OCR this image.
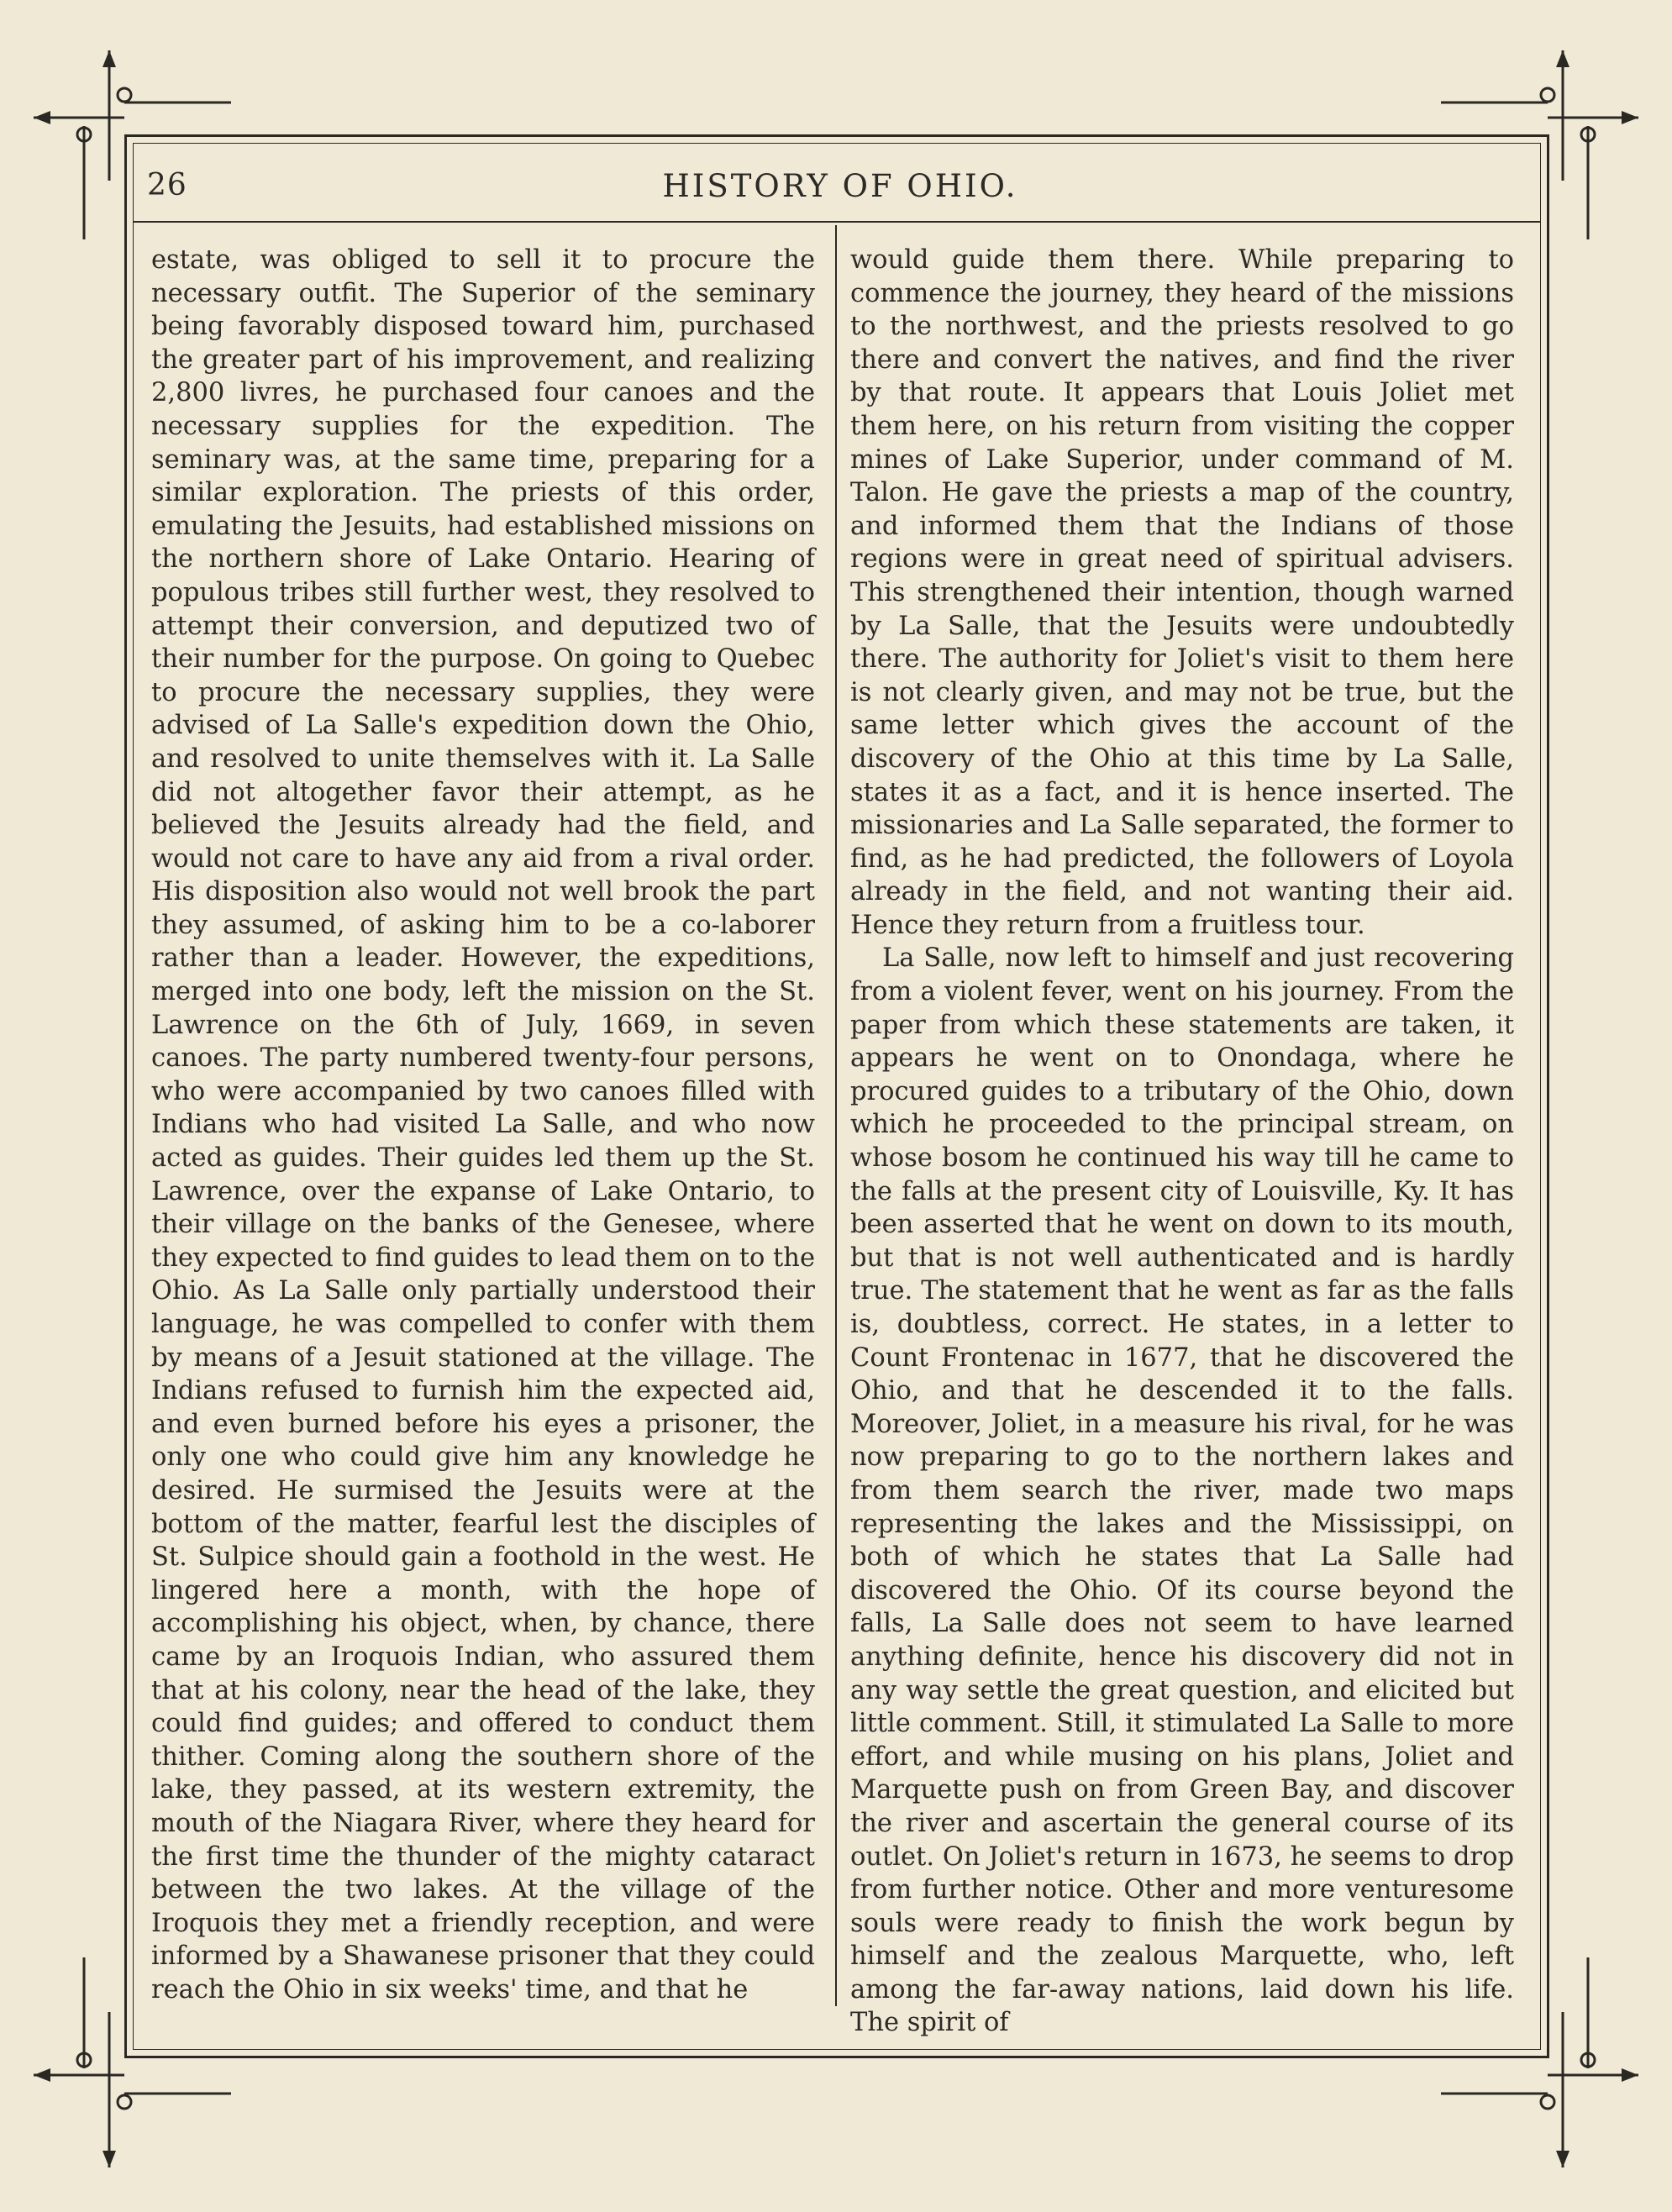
26	HISTORY OF OHIO.

estate, was obliged to sell it to procure the necessary outfit. The Superior of the seminary being favorably disposed toward him, purchased the greater part of his improvement, and realizing 2,800 livres, he purchased four canoes and the necessary supplies for the expedition. The seminary was, at the same time, preparing for a similar exploration. The priests of this order, emulating the Jesuits, had established missions on the northern shore of Lake Ontario. Hearing of populous tribes still further west, they resolved to attempt their conversion, and deputized two of their number for the purpose. On going to Quebec to procure the necessary supplies, they were advised of La Salle's expedition down the Ohio, and resolved to unite themselves with it. La Salle did not altogether favor their attempt, as he believed the Jesuits already had the field, and would not care to have any aid from a rival order. His disposition also would not well brook the part they assumed, of asking him to be a co-laborer rather than a leader. However, the expeditions, merged into one body, left the mission on the St. Lawrence on the 6th of July, 1669, in seven canoes. The party numbered twenty-four persons, who were accompanied by two canoes filled with Indians who had visited La Salle, and who now acted as guides. Their guides led them up the St. Lawrence, over the expanse of Lake Ontario, to their village on the banks of the Genesee, where they expected to find guides to lead them on to the Ohio. As La Salle only partially understood their language, he was compelled to confer with them by means of a Jesuit stationed at the village. The Indians refused to furnish him the expected aid, and even burned before his eyes a prisoner, the only one who could give him any knowledge he desired. He surmised the Jesuits were at the bottom of the matter, fearful lest the disciples of St. Sulpice should gain a foothold in the west. He lingered here a month, with the hope of accomplishing his object, when, by chance, there came by an Iroquois Indian, who assured them that at his colony, near the head of the lake, they could find guides; and offered to conduct them thither. Coming along the southern shore of the lake, they passed, at its western extremity, the mouth of the Niagara River, where they heard for the first time the thunder of the mighty cataract between the two lakes. At the village of the Iroquois they met a friendly reception, and were informed by a Shawanese prisoner that they could reach the Ohio in six weeks' time, and that he

would guide them there. While preparing to commence the journey, they heard of the missions to the northwest, and the priests resolved to go there and convert the natives, and find the river by that route. It appears that Louis Joliet met them here, on his return from visiting the copper mines of Lake Superior, under command of M. Talon. He gave the priests a map of the country, and informed them that the Indians of those regions were in great need of spiritual advisers. This strengthened their intention, though warned by La Salle, that the Jesuits were undoubtedly there. The authority for Joliet's visit to them here is not clearly given, and may not be true, but the same letter which gives the account of the discovery of the Ohio at this time by La Salle, states it as a fact, and it is hence inserted. The missionaries and La Salle separated, the former to find, as he had predicted, the followers of Loyola already in the field, and not wanting their aid. Hence they return from a fruitless tour.

La Salle, now left to himself and just recovering from a violent fever, went on his journey. From the paper from which these statements are taken, it appears he went on to Onondaga, where he procured guides to a tributary of the Ohio, down which he proceeded to the principal stream, on whose bosom he continued his way till he came to the falls at the present city of Louisville, Ky. It has been asserted that he went on down to its mouth, but that is not well authenticated and is hardly true. The statement that he went as far as the falls is, doubtless, correct. He states, in a letter to Count Frontenac in 1677, that he discovered the Ohio, and that he descended it to the falls. Moreover, Joliet, in a measure his rival, for he was now preparing to go to the northern lakes and from them search the river, made two maps representing the lakes and the Mississippi, on both of which he states that La Salle had discovered the Ohio. Of its course beyond the falls, La Salle does not seem to have learned anything definite, hence his discovery did not in any way settle the great question, and elicited but little comment. Still, it stimulated La Salle to more effort, and while musing on his plans, Joliet and Marquette push on from Green Bay, and discover the river and ascertain the general course of its outlet. On Joliet's return in 1673, he seems to drop from further notice. Other and more venturesome souls were ready to finish the work begun by himself and the zealous Marquette, who, left among the far-away nations, laid down his life. The spirit of
